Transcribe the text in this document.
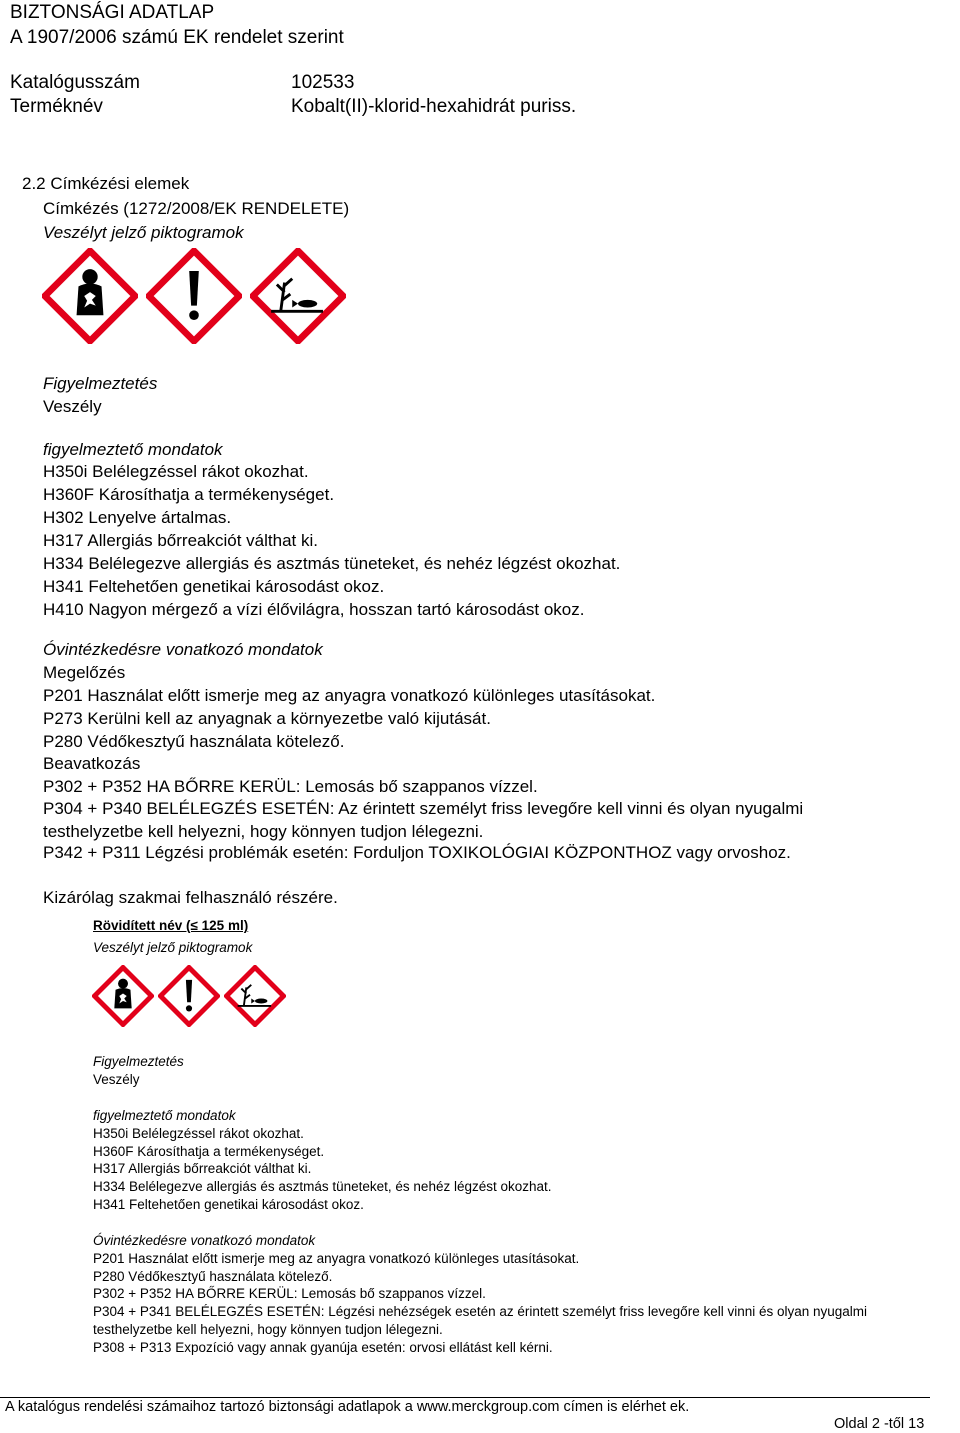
BIZTONSÁGI ADATLAP
A 1907/2006 számú EK rendelet szerint
Katalógusszám	102533
Terméknév	Kobalt(II)-klorid-hexahidrát puriss.
2.2 Címkézési elemek
Címkézés (1272/2008/EK RENDELETE)
Veszélyt jelző piktogramok
Figyelmeztetés
Veszély
figyelmeztető mondatok
H350i Belélegzéssel rákot okozhat.
H360F Károsíthatja a termékenységet.
H302 Lenyelve ártalmas.
H317 Allergiás bőrreakciót válthat ki.
H334 Belélegezve allergiás és asztmás tüneteket, és nehéz légzést okozhat.
H341 Feltehetően genetikai károsodást okoz.
H410 Nagyon mérgező a vízi élővilágra, hosszan tartó károsodást okoz.
Óvintézkedésre vonatkozó mondatok
Megelőzés
P201 Használat előtt ismerje meg az anyagra vonatkozó különleges utasításokat.
P273 Kerülni kell az anyagnak a környezetbe való kijutását.
P280 Védőkesztyű használata kötelező.
Beavatkozás
P302 + P352 HA BŐRRE KERÜL: Lemosás bő szappanos vízzel.
P304 + P340 BELÉLEGZÉS ESETÉN: Az érintett személyt friss levegőre kell vinni és olyan nyugalmi testhelyzetbe kell helyezni, hogy könnyen tudjon lélegezni.
P342 + P311 Légzési problémák esetén: Forduljon TOXIKOLÓGIAI KÖZPONTHOZ vagy orvoshoz.
Kizárólag szakmai felhasználó részére.
Rövidített név (≤ 125 ml)
Veszélyt jelző piktogramok
Figyelmeztetés
Veszély
figyelmeztető mondatok
H350i Belélegzéssel rákot okozhat.
H360F Károsíthatja a termékenységet.
H317 Allergiás bőrreakciót válthat ki.
H334 Belélegezve allergiás és asztmás tüneteket, és nehéz légzést okozhat.
H341 Feltehetően genetikai károsodást okoz.
Óvintézkedésre vonatkozó mondatok
P201 Használat előtt ismerje meg az anyagra vonatkozó különleges utasításokat.
P280 Védőkesztyű használata kötelező.
P302 + P352 HA BŐRRE KERÜL: Lemosás bő szappanos vízzel.
P304 + P341 BELÉLEGZÉS ESETÉN: Légzési nehézségek esetén az érintett személyt friss levegőre kell vinni és olyan nyugalmi testhelyzetbe kell helyezni, hogy könnyen tudjon lélegezni.
P308 + P313 Expozíció vagy annak gyanúja esetén: orvosi ellátást kell kérni.
A katalógus rendelési számaihoz tartozó biztonsági adatlapok a www.merckgroup.com címen is elérhet ek.
Oldal 2 -től 13
